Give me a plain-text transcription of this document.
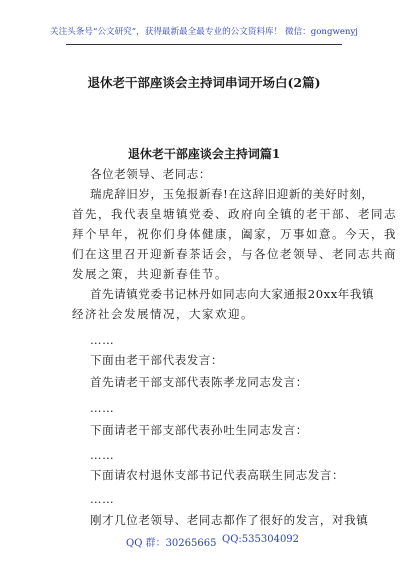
关注头条号“公文研究”，获得最新最全最专业的公文资料库！ 微信：gongwenyj
退休老干部座谈会主持词串词开场白(2篇)
退休老干部座谈会主持词篇1
各位老领导、老同志：
瑞虎辞旧岁，玉兔报新春!在这辞旧迎新的美好时刻，
首先，我代表皇塘镇党委、政府向全镇的老干部、老同志
拜个早年，祝你们身体健康，阖家，万事如意。今天，我
们在这里召开迎新春茶话会，与各位老领导、老同志共商
发展之策，共迎新春佳节。
首先请镇党委书记林丹如同志向大家通报20xx年我镇
经济社会发展情况，大家欢迎。
……
下面由老干部代表发言：
首先请老干部支部代表陈孝龙同志发言：
……
下面请老干部支部代表孙吐生同志发言：
……
下面请农村退休支部书记代表高联生同志发言：
……
刚才几位老领导、老同志都作了很好的发言，对我镇
QQ 群：30265665 QQ:535304092
